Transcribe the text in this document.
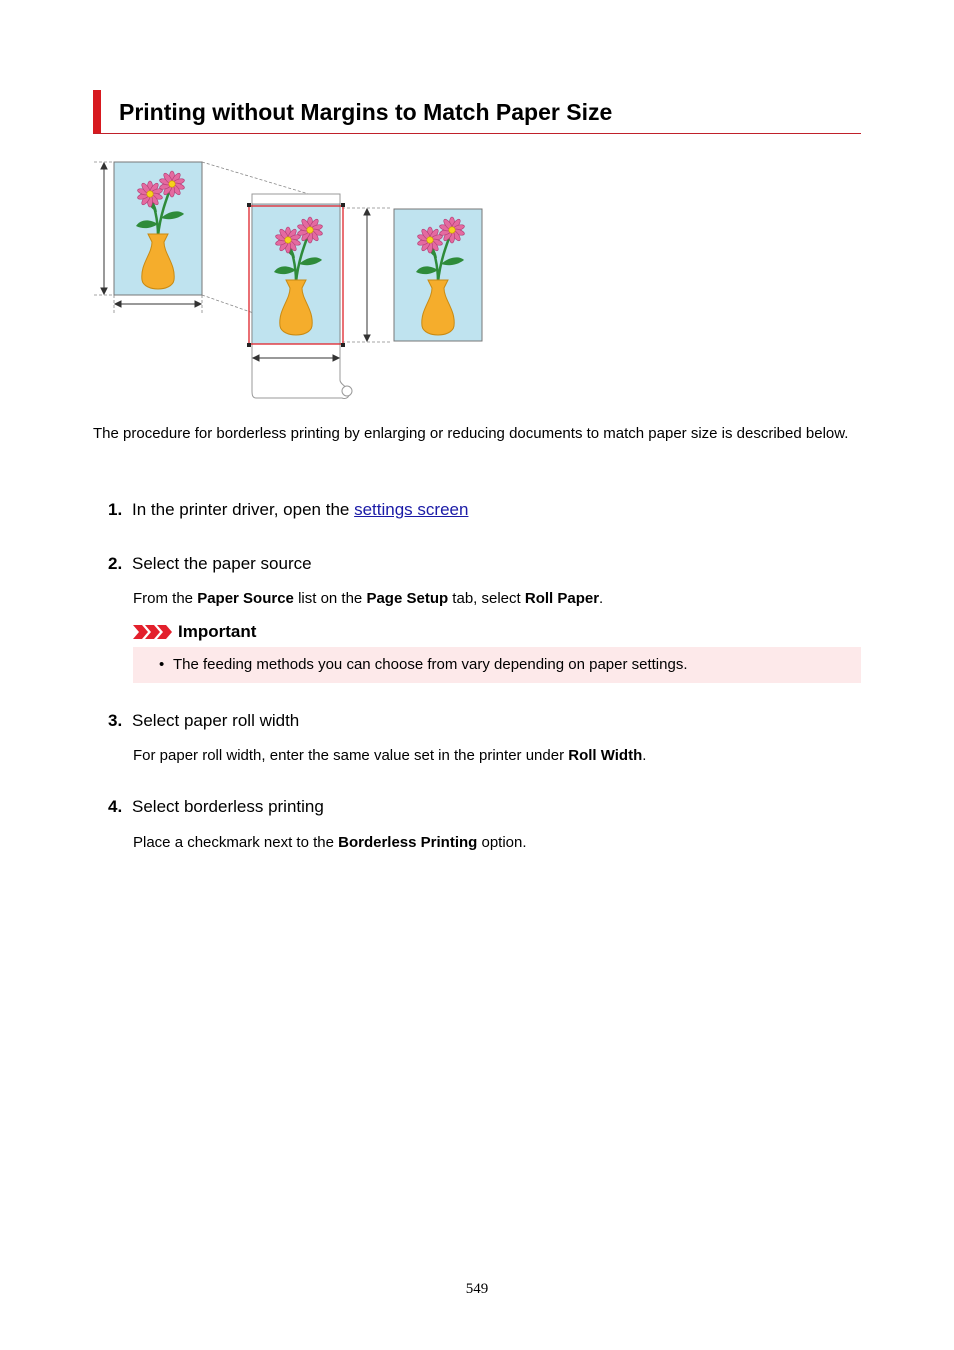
Printing without Margins to Match Paper Size

The procedure for borderless printing by enlarging or reducing documents to match paper size is described below.

1. In the printer driver, open the settings screen
2. Select the paper source

From the Paper Source list on the Page Setup tab, select Roll Paper.

Important
• The feeding methods you can choose from vary depending on paper settings.
3. Select paper roll width

For paper roll width, enter the same value set in the printer under Roll Width.

4. Select borderless printing

Place a checkmark next to the Borderless Printing option.

549
